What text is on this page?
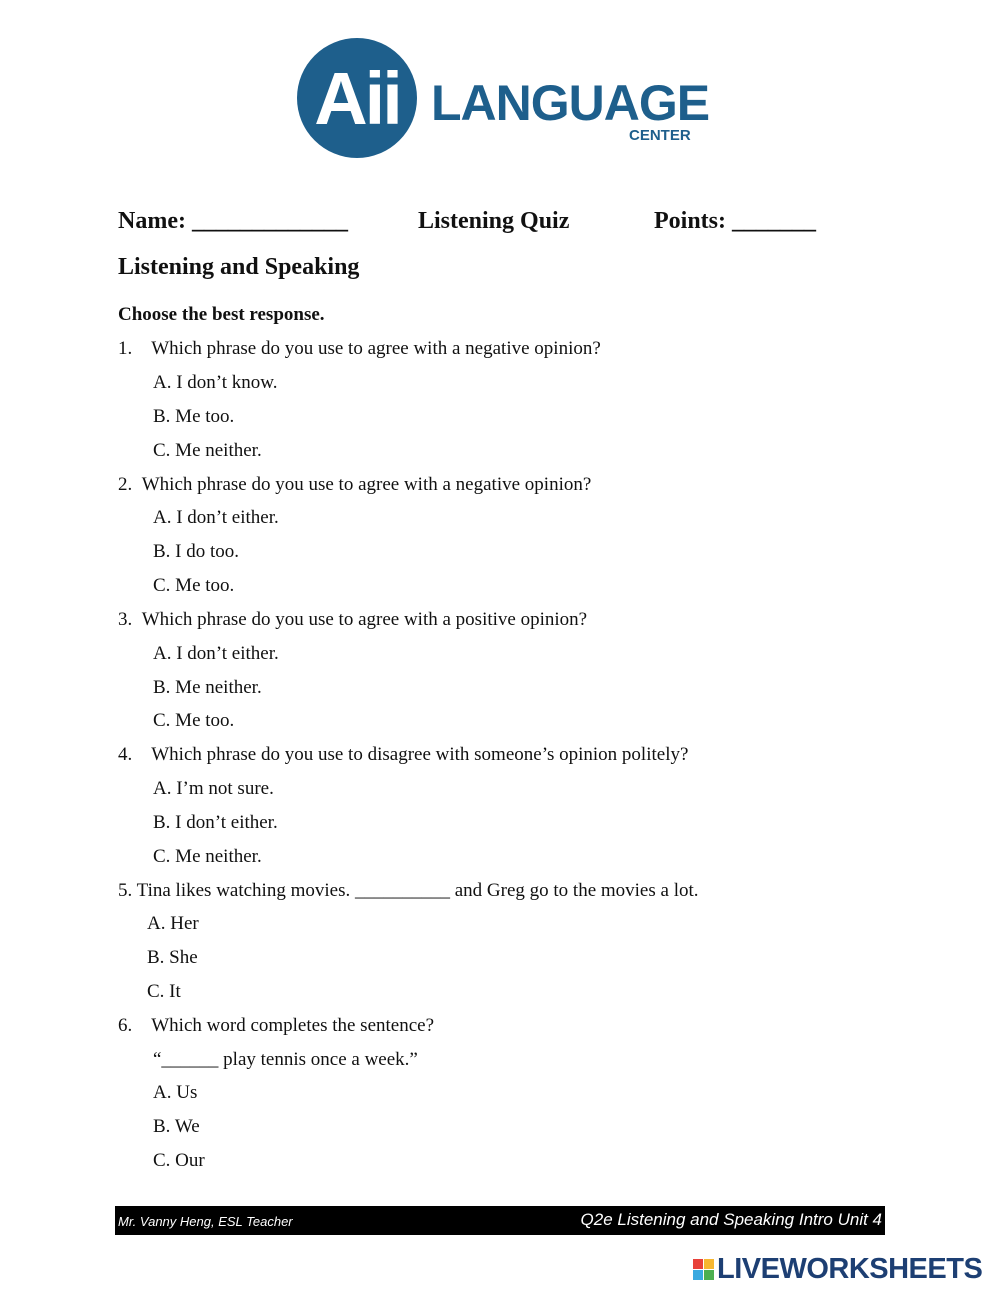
Aii LANGUAGE
CENTER
Name: _____________	Listening Quiz	Points: _______
Listening and Speaking
Choose the best response.
1.    Which phrase do you use to agree with a negative opinion?
A. I don’t know.
B. Me too.
C. Me neither.
2.  Which phrase do you use to agree with a negative opinion?
A. I don’t either.
B. I do too.
C. Me too.
3.  Which phrase do you use to agree with a positive opinion?
A. I don’t either.
B. Me neither.
C. Me too.
4.    Which phrase do you use to disagree with someone’s opinion politely?
A. I’m not sure.
B. I don’t either.
C. Me neither.
5. Tina likes watching movies. __________ and Greg go to the movies a lot.
A. Her
B. She
C. It
6.    Which word completes the sentence?
“______ play tennis once a week.”
A. Us
B. We
C. Our
Mr. Vanny Heng, ESL Teacher	Q2e Listening and Speaking Intro Unit 4
LIVEWORKSHEETS
